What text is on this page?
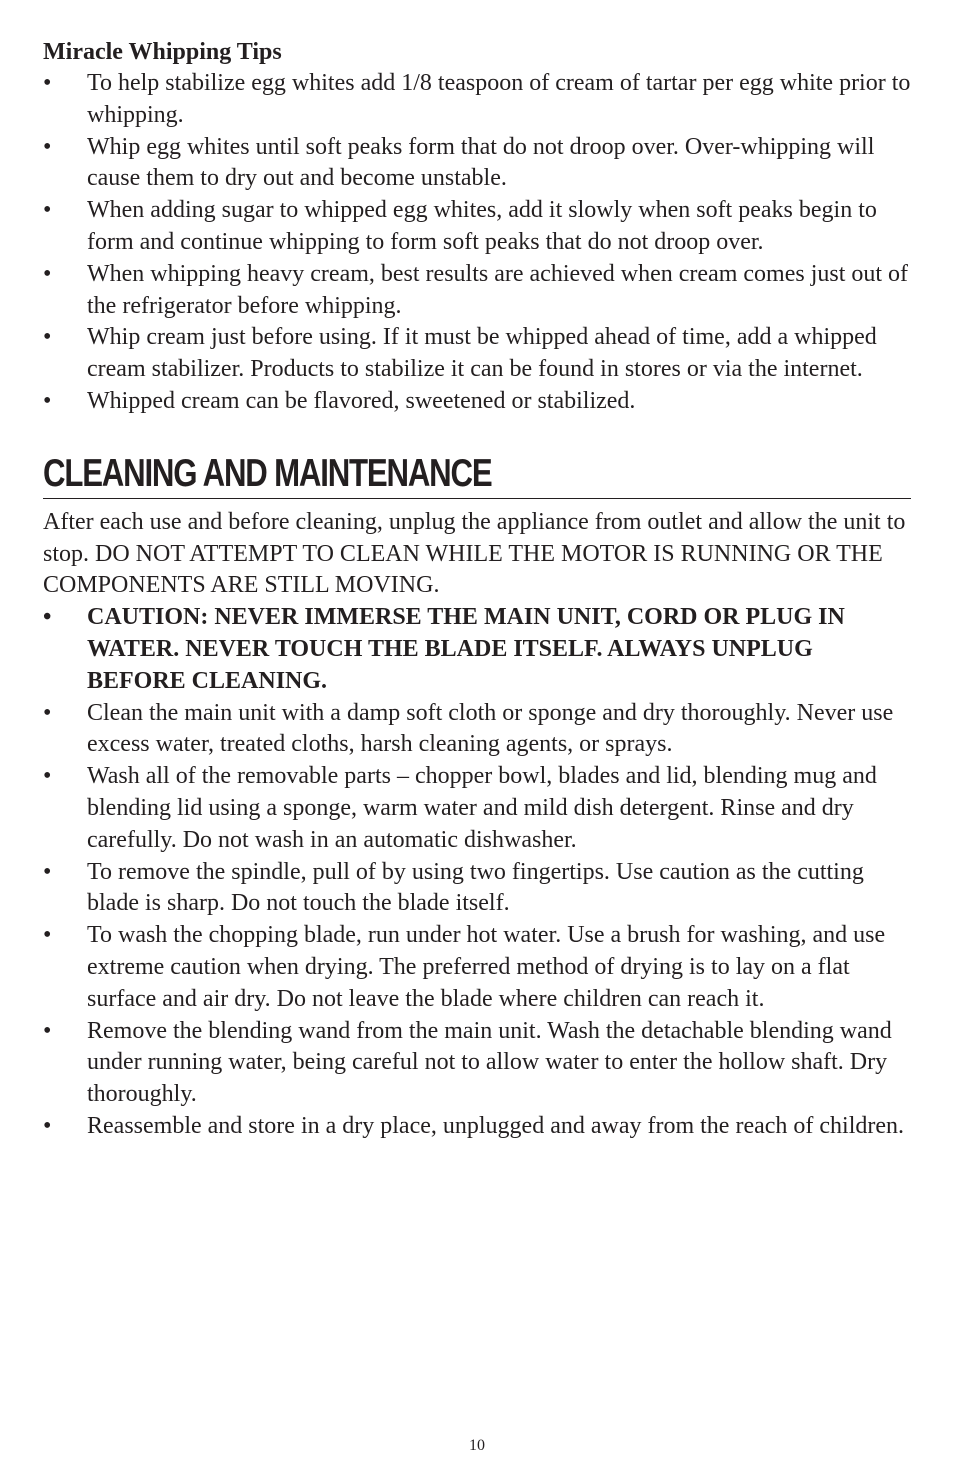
Miracle Whipping Tips
•	To help stabilize egg whites add 1/8 teaspoon of cream of tartar per egg white prior to whipping.
•	Whip egg whites until soft peaks form that do not droop over. Over-whipping will cause them to dry out and become unstable.
•	When adding sugar to whipped egg whites, add it slowly when soft peaks begin to form and continue whipping to form soft peaks that do not droop over.
•	When whipping heavy cream, best results are achieved when cream comes just out of the refrigerator before whipping.
•	Whip cream just before using. If it must be whipped ahead of time, add a whipped cream stabilizer. Products to stabilize it can be found in stores or via the internet.
•	Whipped cream can be flavored, sweetened or stabilized.
CLEANING AND MAINTENANCE

After each use and before cleaning, unplug the appliance from outlet and allow the unit to stop. DO NOT ATTEMPT TO CLEAN WHILE THE MOTOR IS RUNNING OR THE COMPONENTS ARE STILL MOVING.

•	CAUTION: NEVER IMMERSE THE MAIN UNIT, CORD OR PLUG IN WATER. NEVER TOUCH THE BLADE ITSELF. ALWAYS UNPLUG BEFORE CLEANING.
•	Clean the main unit with a damp soft cloth or sponge and dry thoroughly. Never use excess water, treated cloths, harsh cleaning agents, or sprays.
•	Wash all of the removable parts – chopper bowl, blades and lid, blending mug and blending lid using a sponge, warm water and mild dish detergent. Rinse and dry carefully. Do not wash in an automatic dishwasher.
•	To remove the spindle, pull of by using two fingertips. Use caution as the cutting blade is sharp. Do not touch the blade itself.
•	To wash the chopping blade, run under hot water. Use a brush for washing, and use extreme caution when drying. The preferred method of drying is to lay on a flat surface and air dry. Do not leave the blade where children can reach it.
•	Remove the blending wand from the main unit. Wash the detachable blending wand under running water, being careful not to allow water to enter the hollow shaft. Dry thoroughly.
•	Reassemble and store in a dry place, unplugged and away from the reach of children.
10
